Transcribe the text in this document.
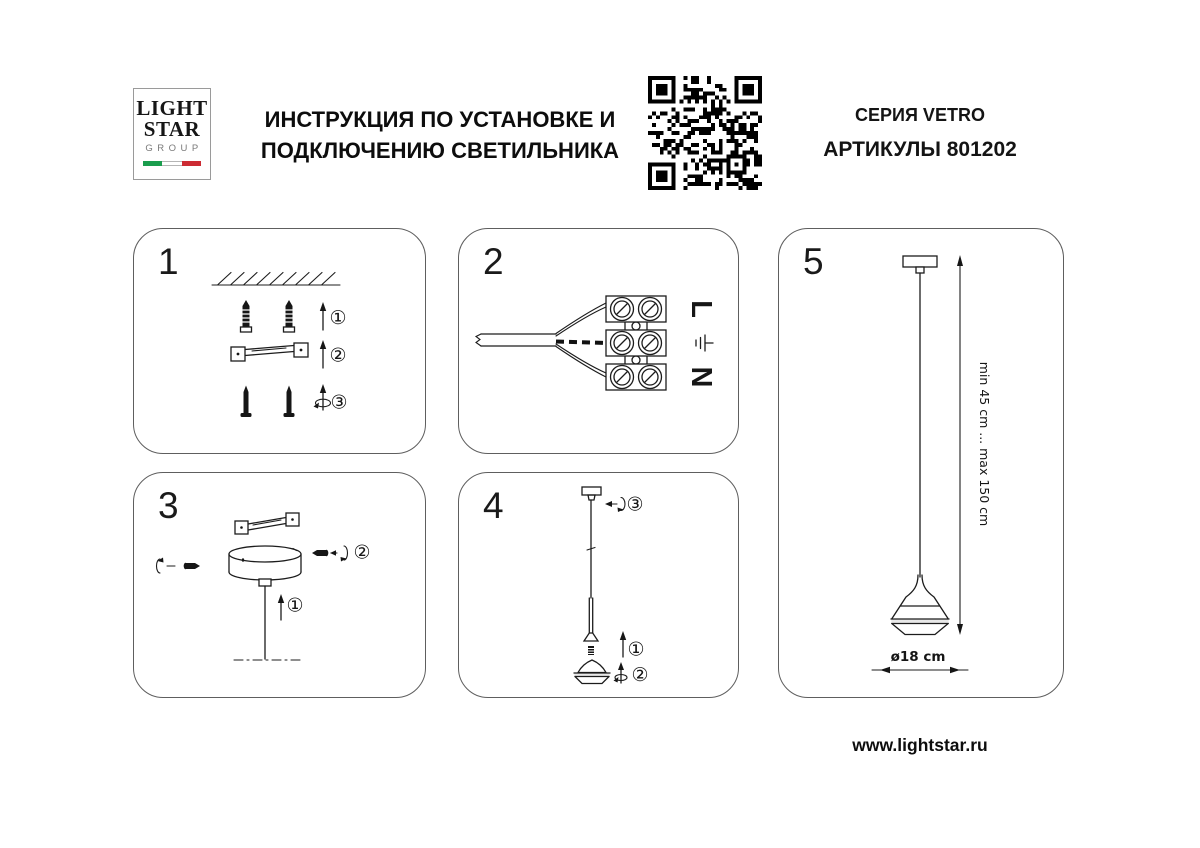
LIGHT
STAR
GROUP
ИНСТРУКЦИЯ ПО УСТАНОВКЕ И
ПОДКЛЮЧЕНИЮ СВЕТИЛЬНИКА
СЕРИЯ VETRO
АРТИКУЛЫ 801202
1
①
②
③
2
L
N
3
①
②
4	③
①
②
5
min 45 cm ... max 150 cm
ø18 cm
www.lightstar.ru
